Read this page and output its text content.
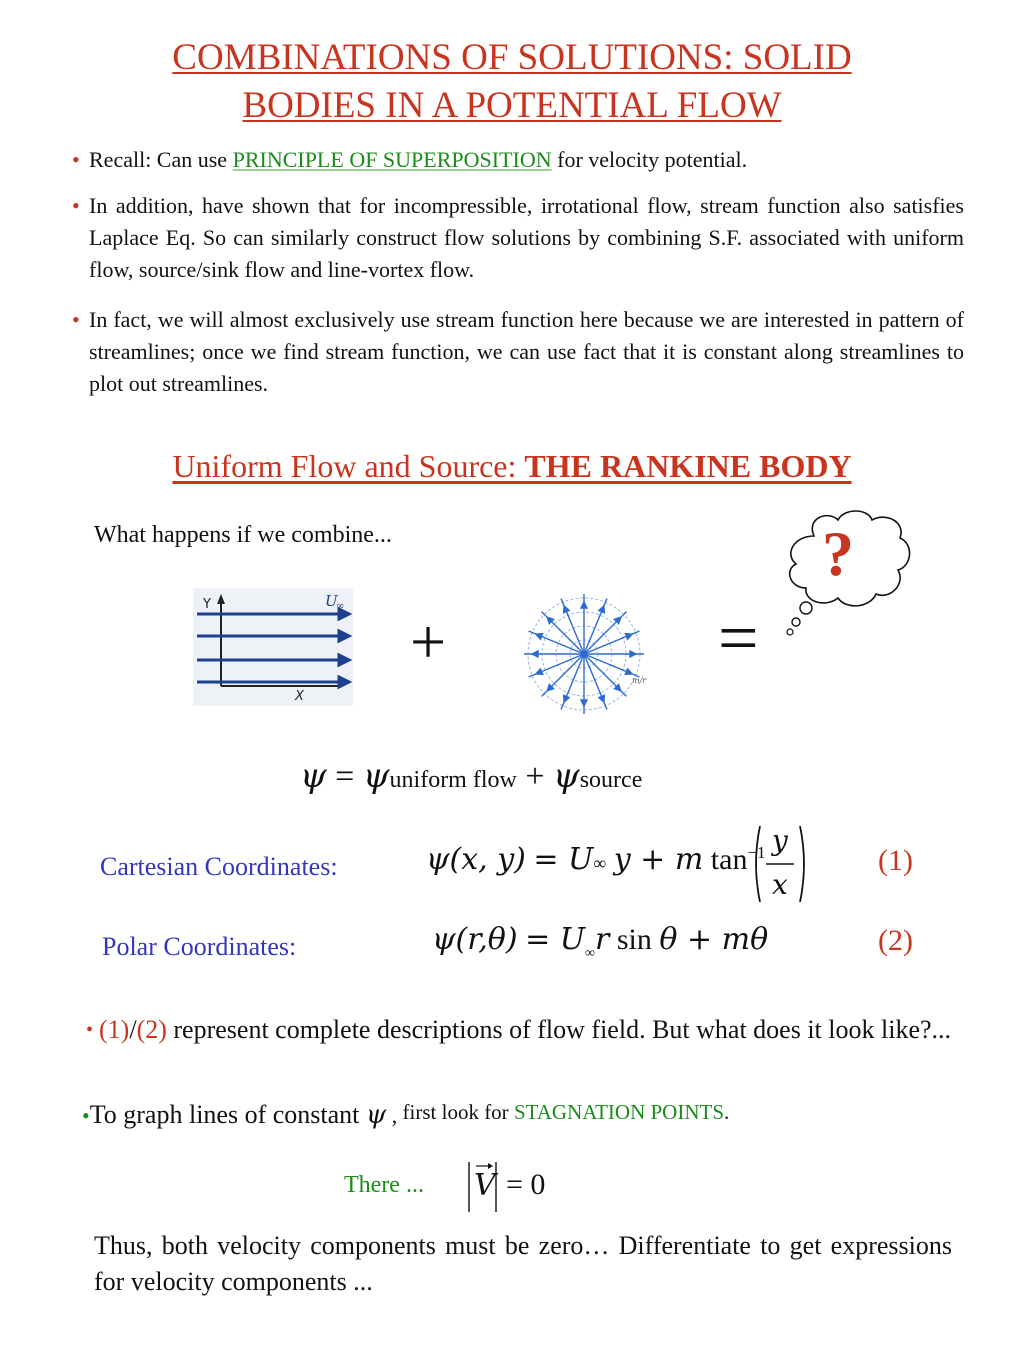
COMBINATIONS OF SOLUTIONS: SOLID
BODIES IN A POTENTIAL FLOW
• Recall: Can use PRINCIPLE OF SUPERPOSITION for velocity potential.
• In addition, have shown that for incompressible, irrotational flow, stream function also satisfies Laplace Eq. So can similarly construct flow solutions by combining S.F. associated with uniform flow, source/sink flow and line-vortex flow.
• In fact, we will almost exclusively use stream function here because we are interested in pattern of streamlines; once we find stream function, we can use fact that it is constant along streamlines to plot out streamlines.
Uniform Flow and Source: THE RANKINE BODY
What happens if we combine...
Y
X
U
∞ +
m/r
=
?
ψ = ψuniform flow + ψsource
Cartesian Coordinates:	ψ(x, y) = U∞ y + m $\tan^{-1} y$
x
(1)
Polar Coordinates:	$\psi(r,\theta) = U_\infty r$ sin θ + mθ	(2)
• (1)/(2) represent complete descriptions of flow field. But what does it look like?...
•To graph lines of constant ψ , first look for STAGNATION POINTS.
There ... V = 0
Thus, both velocity components must be zero… Differentiate to get expressions for velocity components ...
